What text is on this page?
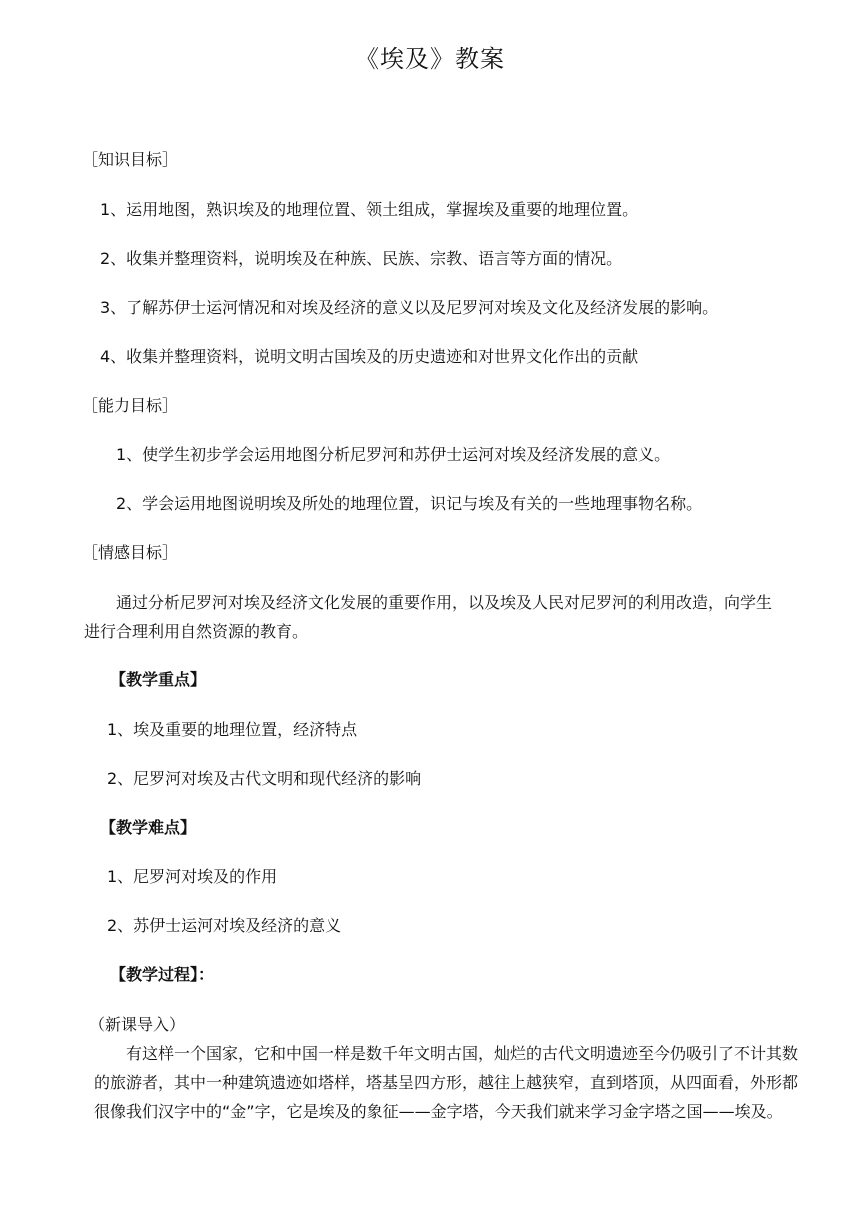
《埃及》教案
［知识目标］
1、运用地图，熟识埃及的地理位置、领土组成，掌握埃及重要的地理位置。
2、收集并整理资料，说明埃及在种族、民族、宗教、语言等方面的情况。
3、了解苏伊士运河情况和对埃及经济的意义以及尼罗河对埃及文化及经济发展的影响。
4、收集并整理资料，说明文明古国埃及的历史遗迹和对世界文化作出的贡献
［能力目标］
1、使学生初步学会运用地图分析尼罗河和苏伊士运河对埃及经济发展的意义。
2、学会运用地图说明埃及所处的地理位置，识记与埃及有关的一些地理事物名称。
［情感目标］
通过分析尼罗河对埃及经济文化发展的重要作用，以及埃及人民对尼罗河的利用改造，向学生进行合理利用自然资源的教育。
【教学重点】
1、埃及重要的地理位置，经济特点
2、尼罗河对埃及古代文明和现代经济的影响
【教学难点】
1、尼罗河对埃及的作用
2、苏伊士运河对埃及经济的意义
【教学过程】：
（新课导入）
有这样一个国家，它和中国一样是数千年文明古国，灿烂的古代文明遗迹至今仍吸引了不计其数的旅游者，其中一种建筑遗迹如塔样，塔基呈四方形，越往上越狭窄，直到塔顶，从四面看，外形都很像我们汉字中的“金”字，它是埃及的象征——金字塔，今天我们就来学习金字塔之国——埃及。
